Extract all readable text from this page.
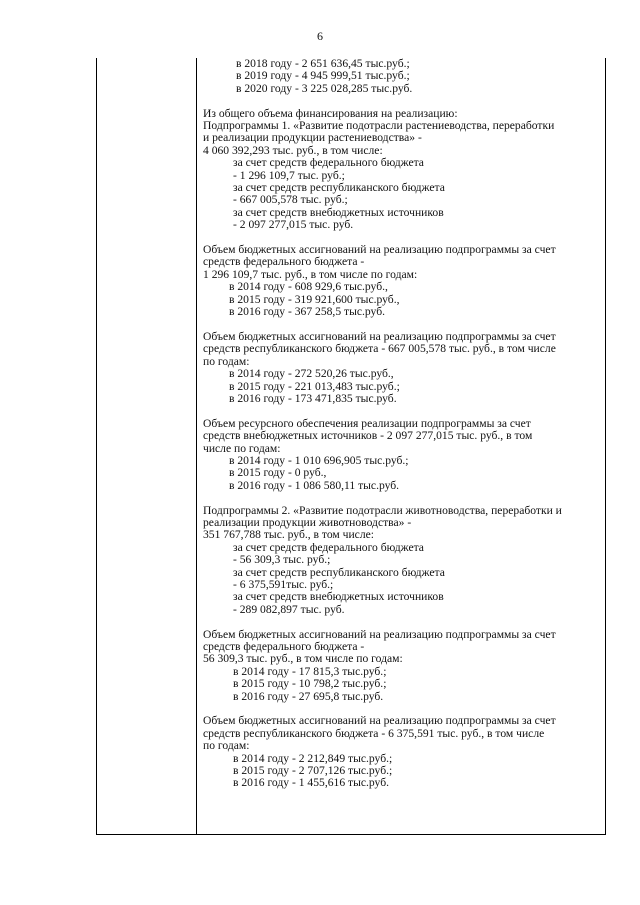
6
в 2018 году - 2 651 636,45 тыс.руб.;
в 2019 году - 4 945 999,51 тыс.руб.;
в 2020 году - 3 225 028,285 тыс.руб.
Из общего объема финансирования на реализацию:
Подпрограммы 1. «Развитие подотрасли растениеводства, переработки
и реализации продукции растениеводства» -
4 060 392,293 тыс. руб., в том числе:
за счет средств федерального бюджета
- 1 296 109,7 тыс. руб.;
за счет средств республиканского бюджета
- 667 005,578 тыс. руб.;
за счет средств внебюджетных источников
- 2 097 277,015 тыс. руб.
Объем бюджетных ассигнований на реализацию подпрограммы за счет
средств федерального бюджета -
1 296 109,7 тыс. руб., в том числе по годам:
в 2014 году - 608 929,6 тыс.руб.,
в 2015 году - 319 921,600 тыс.руб.,
в 2016 году - 367 258,5 тыс.руб.
Объем бюджетных ассигнований на реализацию подпрограммы за счет
средств республиканского бюджета - 667 005,578 тыс. руб., в том числе
по годам:
в 2014 году - 272 520,26 тыс.руб.,
в 2015 году - 221 013,483 тыс.руб.;
в 2016 году - 173 471,835 тыс.руб.
Объем ресурсного обеспечения реализации подпрограммы за счет
средств внебюджетных источников - 2 097 277,015 тыс. руб., в том
числе по годам:
в 2014 году - 1 010 696,905 тыс.руб.;
в 2015 году - 0 руб.,
в 2016 году - 1 086 580,11 тыс.руб.
Подпрограммы 2. «Развитие подотрасли животноводства, переработки и
реализации продукции животноводства» -
351 767,788 тыс. руб., в том числе:
за счет средств федерального бюджета
- 56 309,3 тыс. руб.;
за счет средств республиканского бюджета
- 6 375,591тыс. руб.;
за счет средств внебюджетных источников
- 289 082,897 тыс. руб.
Объем бюджетных ассигнований на реализацию подпрограммы за счет
средств федерального бюджета -
56 309,3 тыс. руб., в том числе по годам:
в 2014 году - 17 815,3 тыс.руб.;
в 2015 году - 10 798,2 тыс.руб.;
в 2016 году - 27 695,8 тыс.руб.
Объем бюджетных ассигнований на реализацию подпрограммы за счет
средств республиканского бюджета - 6 375,591 тыс. руб., в том числе
по годам:
в 2014 году - 2 212,849 тыс.руб.;
в 2015 году - 2 707,126 тыс.руб.;
в 2016 году - 1 455,616 тыс.руб.
